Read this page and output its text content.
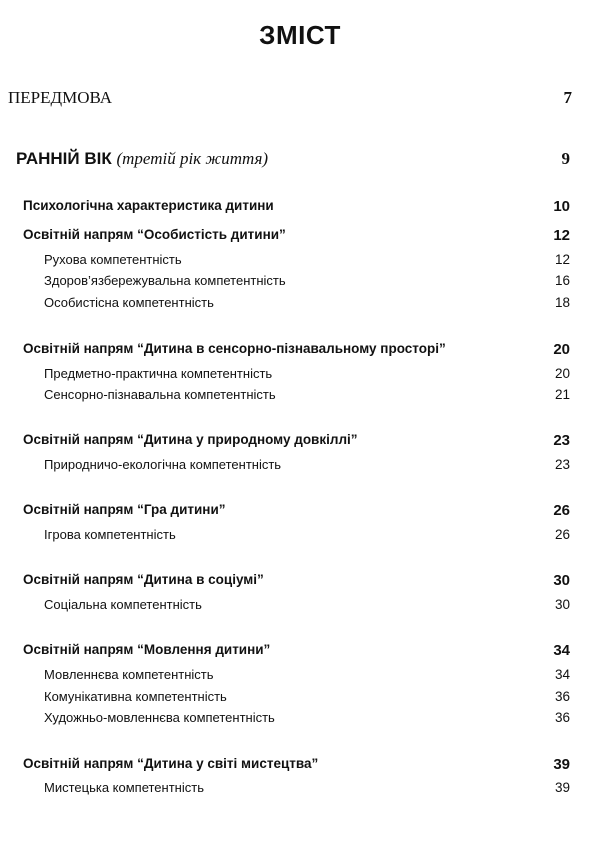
ЗМІСТ
ПЕРЕДМОВА	7
РАННІЙ ВІК (третій рік життя)	9
Психологічна характеристика дитини	10
Освітній напрям “Особистість дитини”	12
Рухова компетентність	12
Здоров’язбережувальна компетентність	16
Особистісна компетентність	18
Освітній напрям “Дитина в сенсорно-пізнавальному просторі”	20
Предметно-практична компетентність	20
Сенсорно-пізнавальна компетентність	21
Освітній напрям “Дитина у природному довкіллі”	23
Природничо-екологічна компетентність	23
Освітній напрям “Гра дитини”	26
Ігрова компетентність	26
Освітній напрям “Дитина в соціумі”	30
Соціальна компетентність	30
Освітній напрям “Мовлення дитини”	34
Мовленнєва компетентність	34
Комунікативна компетентність	36
Художньо-мовленнєва компетентність	36
Освітній напрям “Дитина у світі мистецтва”	39
Мистецька компетентність	39
